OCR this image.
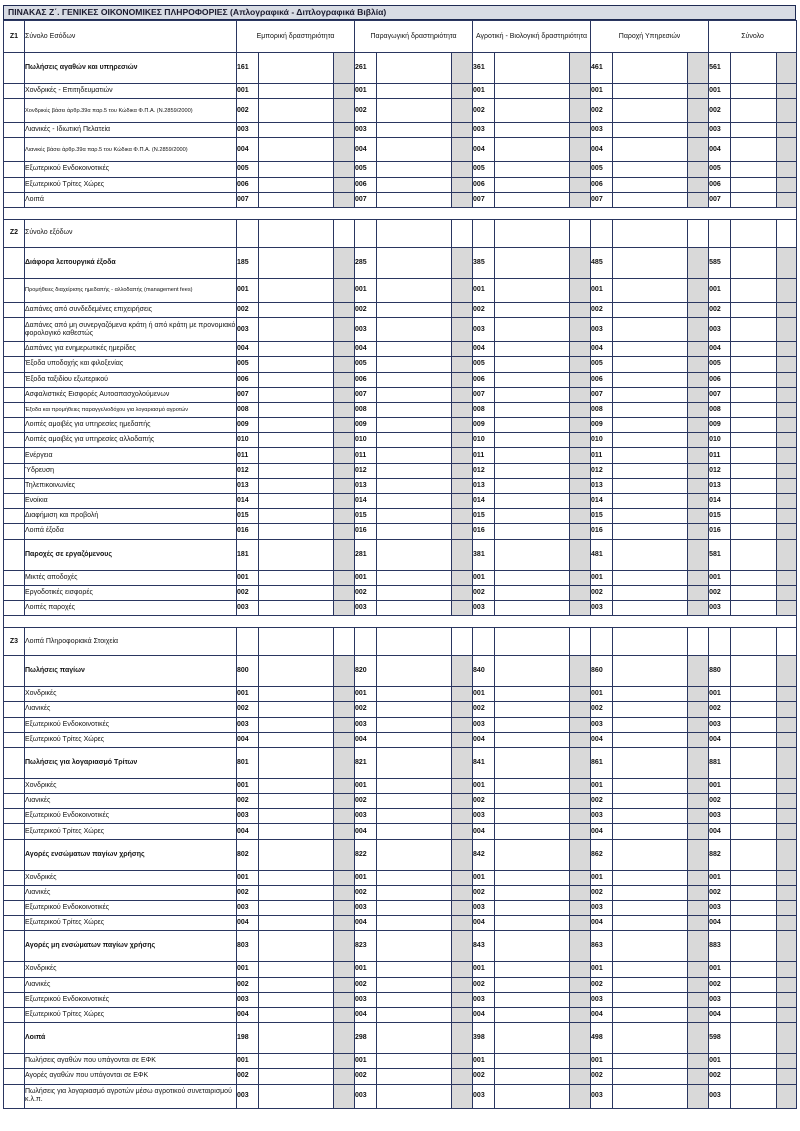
ΠΙΝΑΚΑΣ Ζ΄. ΓΕΝΙΚΕΣ ΟΙΚΟΝΟΜΙΚΕΣ ΠΛΗΡΟΦΟΡΙΕΣ (Απλογραφικά - Διπλογραφικά Βιβλία)
Ζ1	Σύνολο Εσόδων	Εμπορική δραστηριότητα			Παραγωγική δραστηριότητα			Αγροτική - Βιολογική δραστηριότητα			Παροχή Υπηρεσιών			Σύνολο		
	Πωλήσεις αγαθών και υπηρεσιών	161			261			361			461			561		
	Χονδρικές - Επιτηδευματιών	001			001			001			001			001		
	Χονδρικές βάσει άρθρ.39α παρ.5 του Κώδικα Φ.Π.Α. (Ν.2859/2000)	002			002			002			002			002		
	Λιανικές - Ιδιωτική Πελατεία	003			003			003			003			003		
	Λιανικές βάσει άρθρ.39α παρ.5 του Κώδικα Φ.Π.Α. (Ν.2859/2000)	004			004			004			004			004		
	Εξωτερικού Ενδοκοινοτικές	005			005			005			005			005		
	Εξωτερικού Τρίτες Χώρες	006			006			006			006			006		
	Λοιπά	007			007			007			007			007		

Ζ2	Σύνολο εξόδων															
	Διάφορα λειτουργικά έξοδα	185			285			385			485			585		
	Προμήθειες διαχείρισης ημεδαπής - αλλοδαπής (management fees)	001			001			001			001			001		
	Δαπάνες από συνδεδεμένες επιχειρήσεις	002			002			002			002			002		
	Δαπάνες από μη συνεργαζόμενα κράτη ή από κράτη με προνομιακό φορολογικό καθεστώς	003			003			003			003			003		
	Δαπάνες για ενημερωτικές ημερίδες	004			004			004			004			004		
	Έξοδα υποδοχής και φιλοξενίας	005			005			005			005			005		
	Έξοδα ταξιδίου εξωτερικού	006			006			006			006			006		
	Ασφαλιστικές Εισφορές Αυτοαπασχολούμενων	007			007			007			007			007		
	Έξοδα και προμήθειες παραγγελιοδόχου για λογαριασμό αγροτών	008			008			008			008			008		
	Λοιπές αμοιβές για υπηρεσίες ημεδαπής	009			009			009			009			009		
	Λοιπές αμοιβές για υπηρεσίες αλλοδαπής	010			010			010			010			010		
	Ενέργεια	011			011			011			011			011		
	Ύδρευση	012			012			012			012			012		
	Τηλεπικοινωνίες	013			013			013			013			013		
	Ενοίκια	014			014			014			014			014		
	Διαφήμιση και προβολή	015			015			015			015			015		
	Λοιπά έξοδα	016			016			016			016			016		
	Παροχές σε εργαζόμενους	181			281			381			481			581		
	Μικτές αποδοχές	001			001			001			001			001		
	Εργοδοτικές εισφορές	002			002			002			002			002		
	Λοιπές παροχές	003			003			003			003			003		

Ζ3	Λοιπά Πληροφοριακά Στοιχεία															
	Πωλήσεις παγίων	800			820			840			860			880		
	Χονδρικές	001			001			001			001			001		
	Λιανικές	002			002			002			002			002		
	Εξωτερικού Ενδοκοινοτικές	003			003			003			003			003		
	Εξωτερικού Τρίτες Χώρες	004			004			004			004			004		
	Πωλήσεις για λογαριασμό Τρίτων	801			821			841			861			881		
	Χονδρικές	001			001			001			001			001		
	Λιανικές	002			002			002			002			002		
	Εξωτερικού Ενδοκοινοτικές	003			003			003			003			003		
	Εξωτερικού Τρίτες Χώρες	004			004			004			004			004		
	Αγορές ενσώματων παγίων χρήσης	802			822			842			862			882		
	Χονδρικές	001			001			001			001			001		
	Λιανικές	002			002			002			002			002		
	Εξωτερικού Ενδοκοινοτικές	003			003			003			003			003		
	Εξωτερικού Τρίτες Χώρες	004			004			004			004			004		
	Αγορές μη ενσώματων παγίων χρήσης	803			823			843			863			883		
	Χονδρικές	001			001			001			001			001		
	Λιανικές	002			002			002			002			002		
	Εξωτερικού Ενδοκοινοτικές	003			003			003			003			003		
	Εξωτερικού Τρίτες Χώρες	004			004			004			004			004		
	Λοιπά	198			298			398			498			598		
	Πωλήσεις αγαθών που υπάγονται σε ΕΦΚ	001			001			001			001			001		
	Αγορές αγαθών που υπάγονται σε ΕΦΚ	002			002			002			002			002		
	Πωλήσεις για λογαριασμό αγροτών μέσω αγροτικού συνεταιρισμού κ.λ.π.	003			003			003			003			003		
